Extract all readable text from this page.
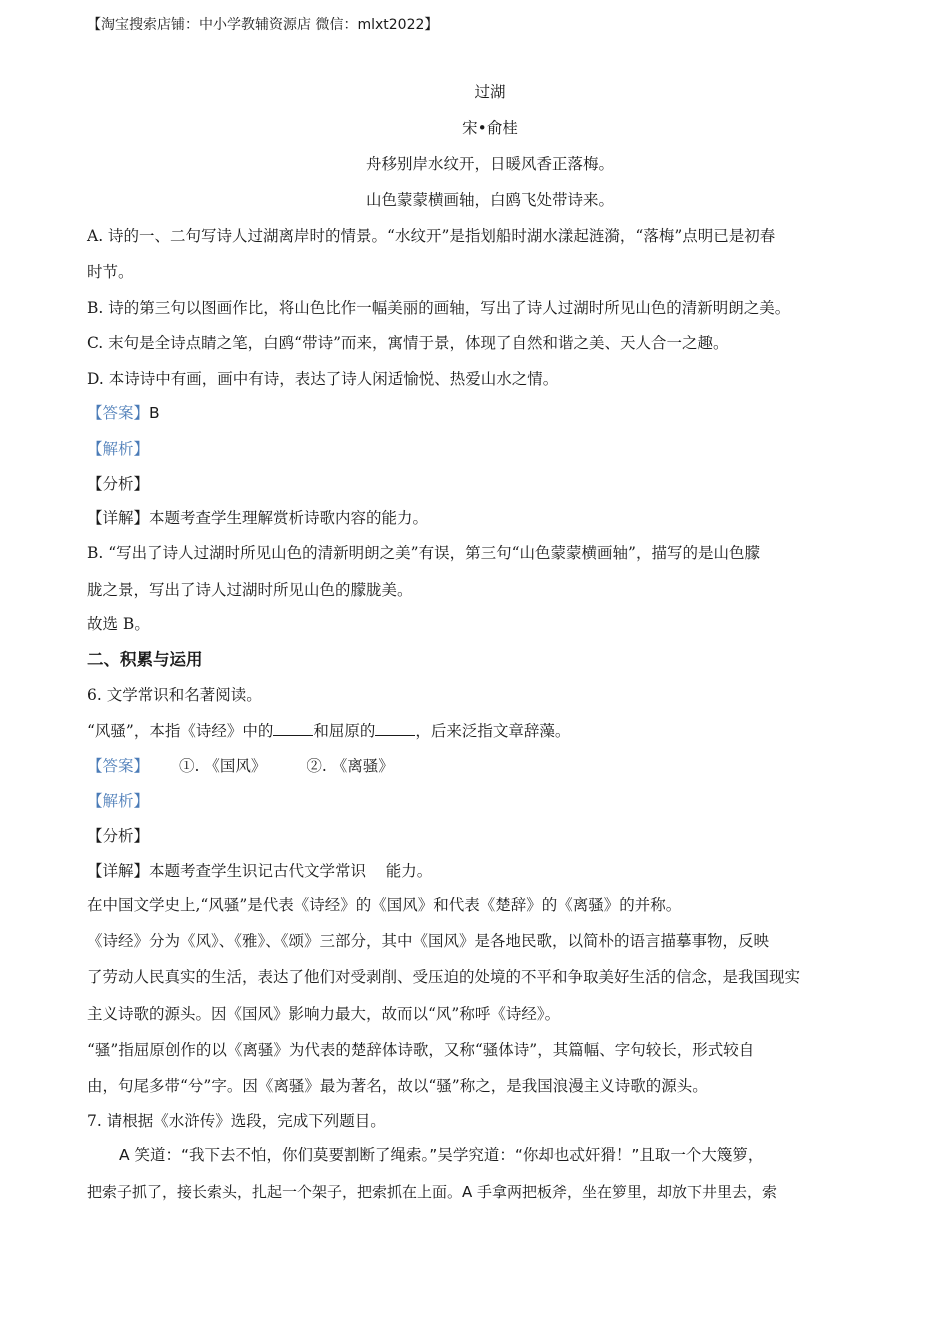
【淘宝搜索店铺：中小学教辅资源店 微信：mlxt2022】
过湖
宋•俞桂
舟移别岸水纹开，日暖风香正落梅。
山色蒙蒙横画轴，白鸥飞处带诗来。
A. 诗的一、二句写诗人过湖离岸时的情景。“水纹开”是指划船时湖水漾起涟漪，“落梅”点明已是初春
时节。
B. 诗的第三句以图画作比，将山色比作一幅美丽的画轴，写出了诗人过湖时所见山色的清新明朗之美。
C. 末句是全诗点睛之笔，白鸥“带诗”而来，寓情于景，体现了自然和谐之美、天人合一之趣。
D. 本诗诗中有画，画中有诗，表达了诗人闲适愉悦、热爱山水之情。
【答案】B
【解析】
【分析】
【详解】本题考查学生理解赏析诗歌内容的能力。
B. “写出了诗人过湖时所见山色的清新明朗之美”有误，第三句“山色蒙蒙横画轴”，描写的是山色朦
胧之景，写出了诗人过湖时所见山色的朦胧美。
故选 B。
二、积累与运用
6. 文学常识和名著阅读。
“风骚”，本指《诗经》中的	和屈原的	，后来泛指文章辞藻。
【答案】 ①. 《国风》	②. 《离骚》
【解析】
【分析】
【详解】本题考查学生识记古代文学常识    能力。
在中国文学史上,“风骚”是代表《诗经》的《国风》和代表《楚辞》的《离骚》的并称。
《诗经》分为《风》、《雅》、《颂》三部分，其中《国风》是各地民歌，以简朴的语言描摹事物，反映
了劳动人民真实的生活，表达了他们对受剥削、受压迫的处境的不平和争取美好生活的信念，是我国现实
主义诗歌的源头。因《国风》影响力最大，故而以“风”称呼《诗经》。
“骚”指屈原创作的以《离骚》为代表的楚辞体诗歌，又称“骚体诗”，其篇幅、字句较长，形式较自
由，句尾多带“兮”字。因《离骚》最为著名，故以“骚”称之，是我国浪漫主义诗歌的源头。
7. 请根据《水浒传》选段，完成下列题目。
A 笑道：“我下去不怕，你们莫要割断了绳索。”吴学究道：“你却也忒奸猾！”且取一个大篾箩，
把索子抓了，接长索头，扎起一个架子，把索抓在上面。A 手拿两把板斧，坐在箩里，却放下井里去，索
